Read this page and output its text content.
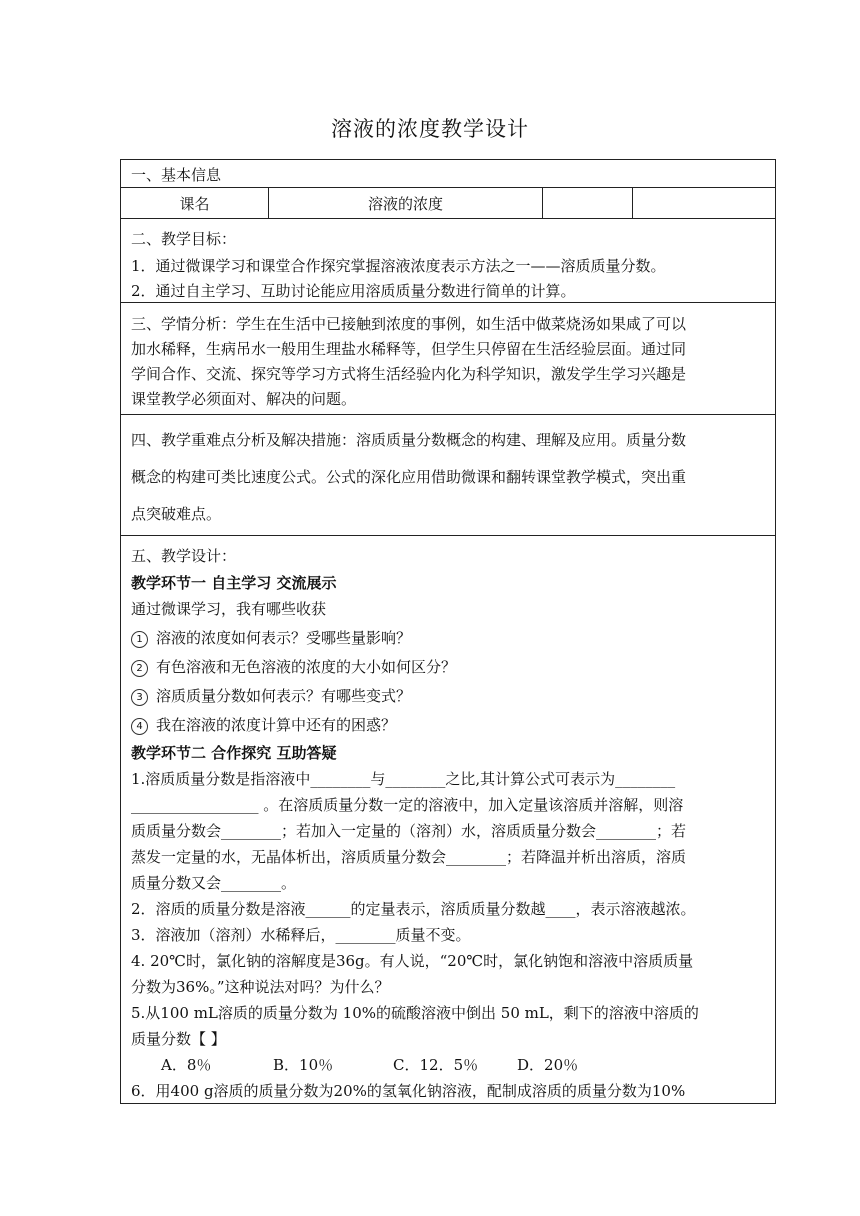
溶液的浓度教学设计
一、基本信息
课名	溶液的浓度
二、教学目标：
1．通过微课学习和课堂合作探究掌握溶液浓度表示方法之一——溶质质量分数。
2．通过自主学习、互助讨论能应用溶质质量分数进行简单的计算。
三、学情分析：学生在生活中已接触到浓度的事例，如生活中做菜烧汤如果咸了可以
加水稀释，生病吊水一般用生理盐水稀释等，但学生只停留在生活经验层面。通过同
学间合作、交流、探究等学习方式将生活经验内化为科学知识，激发学生学习兴趣是
课堂教学必须面对、解决的问题。
四、教学重难点分析及解决措施：溶质质量分数概念的构建、理解及应用。质量分数
概念的构建可类比速度公式。公式的深化应用借助微课和翻转课堂教学模式，突出重
点突破难点。
五、教学设计：
教学环节一 自主学习 交流展示
通过微课学习，我有哪些收获
1 溶液的浓度如何表示？受哪些量影响？
2 有色溶液和无色溶液的浓度的大小如何区分？
3 溶质质量分数如何表示？有哪些变式？
4 我在溶液的浓度计算中还有的困惑？
教学环节二 合作探究 互助答疑
1.溶质质量分数是指溶液中________与________之比,其计算公式可表示为________
_________________ 。在溶质质量分数一定的溶液中，加入定量该溶质并溶解，则溶
质质量分数会________；若加入一定量的（溶剂）水，溶质质量分数会________；若
蒸发一定量的水，无晶体析出，溶质质量分数会________；若降温并析出溶质，溶质
质量分数又会________。
2．溶质的质量分数是溶液______的定量表示，溶质质量分数越____，表示溶液越浓。
3．溶液加（溶剂）水稀释后，________质量不变。
4. 20℃时，氯化钠的溶解度是36g。有人说，“20℃时，氯化钠饱和溶液中溶质质量
分数为36%。”这种说法对吗？为什么？
5.从100 mL溶质的质量分数为 10%的硫酸溶液中倒出 50 mL，剩下的溶液中溶质的
质量分数【 】
A．8％	B．10％	C．12．5％	D．20％
6．用400 g溶质的质量分数为20%的氢氧化钠溶液，配制成溶质的质量分数为10%
